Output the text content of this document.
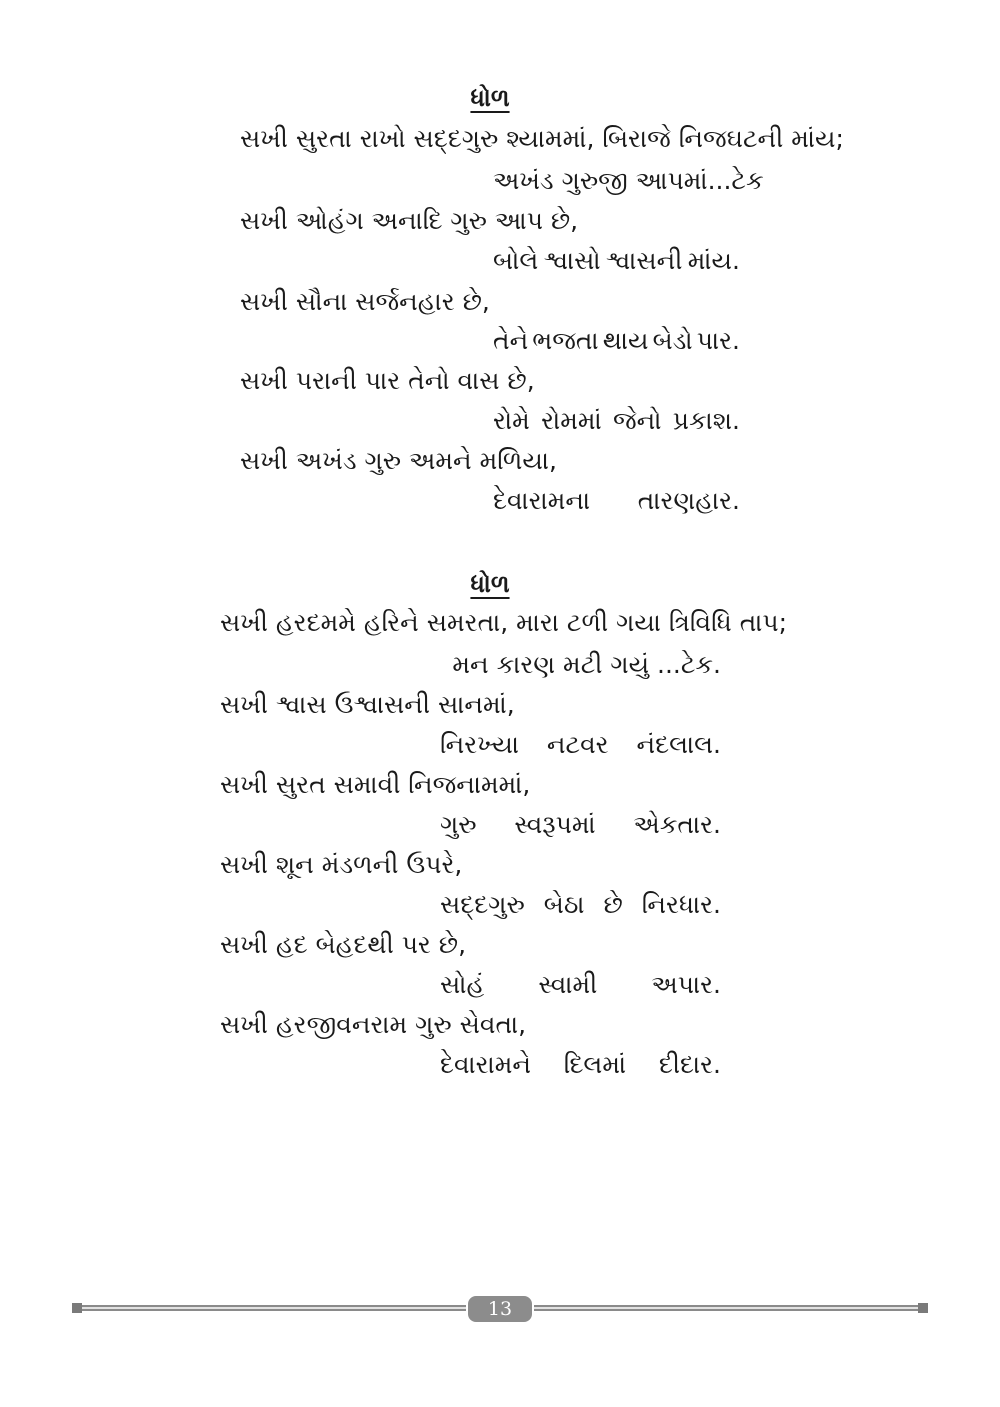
ધોળ
સખી સુરતા રાખો સદ્દગુરુ શ્યામમાં, બિરાજે નિજઘટની માંય;
અખંડ ગુરુજી આપમાં...ટેક
સખી ઓહંગ અનાદિ ગુરુ આપ છે,
બોલે શ્વાસો શ્વાસની માંય.
સખી સૌના સર્જનહાર છે,
તેને ભજતા થાય બેડો પાર.
સખી પરાની પાર તેનો વાસ છે,
રોમે રોમમાં જેનો પ્રકાશ.
સખી અખંડ ગુરુ અમને મળિયા,
દેવારામના તારણહાર.
ધોળ
સખી હરદમમે હરિને સમરતા, મારા ટળી ગયા ત્રિવિધિ તાપ;
મન કારણ મટી ગયું ...ટેક.
સખી શ્વાસ ઉશ્વાસની સાનમાં,
નિરખ્યા નટવર નંદલાલ.
સખી સુરત સમાવી નિજનામમાં,
ગુરુ સ્વરૂપમાં એકતાર.
સખી શૂન મંડળની ઉપરે,
સદ્દગુરુ બેઠા છે નિરધાર.
સખી હદ બેહદથી પર છે,
સોહં સ્વામી અપાર.
સખી હરજીવનરામ ગુરુ સેવતા,
દેવારામને દિલમાં દીદાર.
13
